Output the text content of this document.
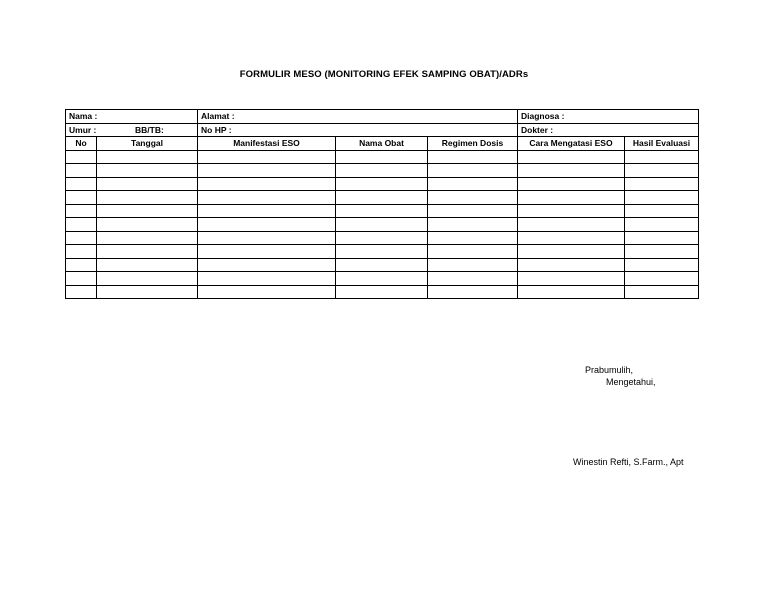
FORMULIR MESO (MONITORING EFEK SAMPING OBAT)/ADRs
Nama :		Alamat :			Diagnosa :	
Umur : BB/TB:		No HP :			Dokter :	
No	Tanggal	Manifestasi ESO	Nama Obat	Regimen Dosis	Cara Mengatasi ESO	Hasil Evaluasi

Prabumulih,
Mengetahui,
Winestin Refti, S.Farm., Apt
